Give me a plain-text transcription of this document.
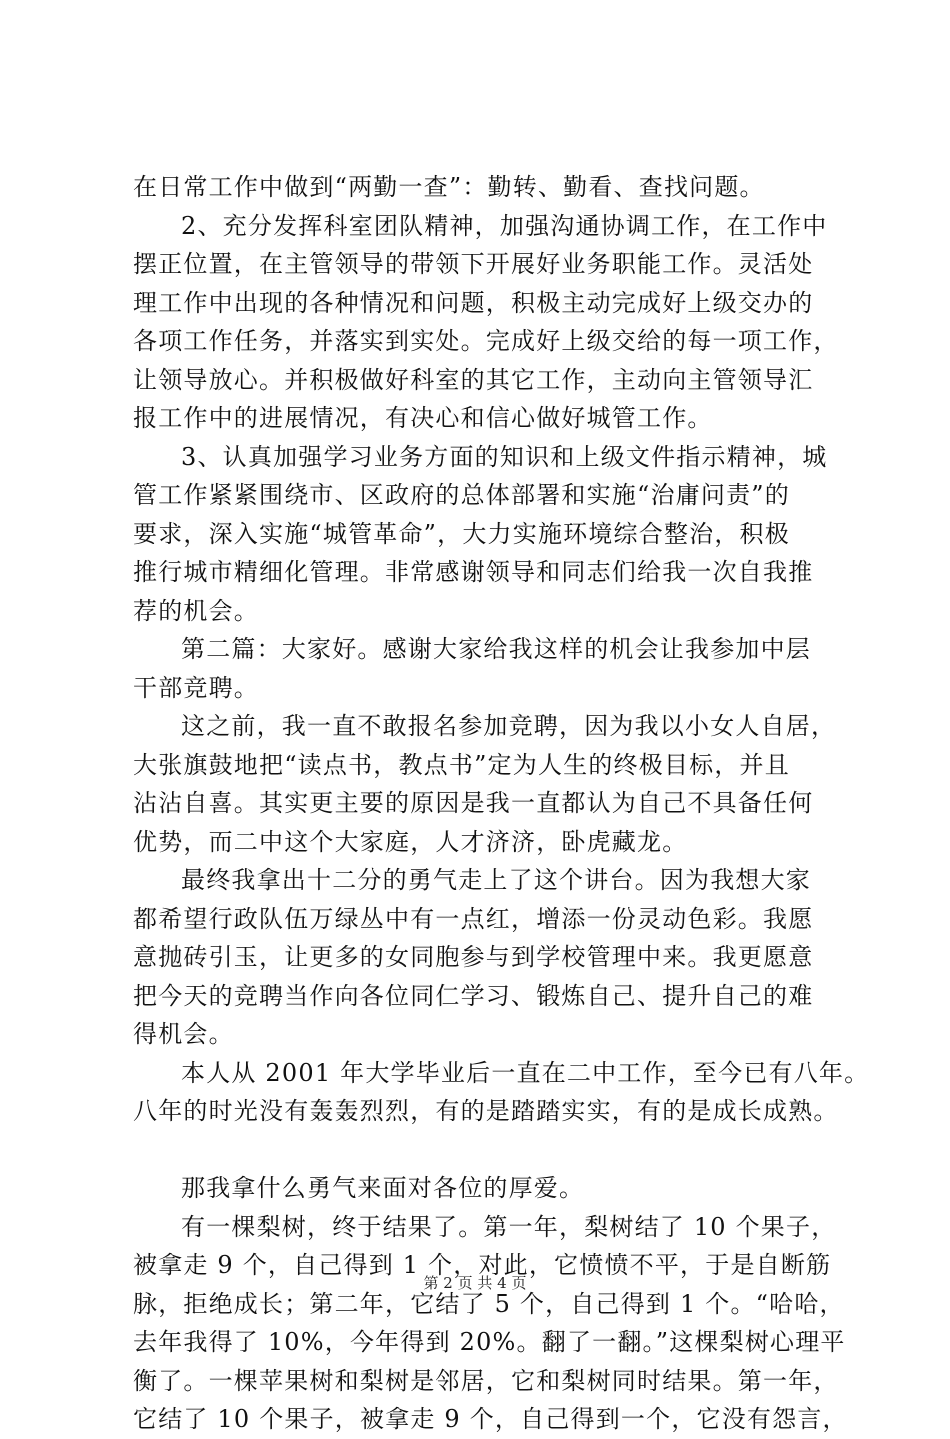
在日常工作中做到“两勤一查”：勤转、勤看、查找问题。
2、充分发挥科室团队精神，加强沟通协调工作，在工作中
摆正位置，在主管领导的带领下开展好业务职能工作。灵活处
理工作中出现的各种情况和问题，积极主动完成好上级交办的
各项工作任务，并落实到实处。完成好上级交给的每一项工作，
让领导放心。并积极做好科室的其它工作，主动向主管领导汇
报工作中的进展情况，有决心和信心做好城管工作。
3、认真加强学习业务方面的知识和上级文件指示精神，城
管工作紧紧围绕市、区政府的总体部署和实施“治庸问责”的
要求，深入实施“城管革命”，大力实施环境综合整治，积极
推行城市精细化管理。非常感谢领导和同志们给我一次自我推
荐的机会。
第二篇：大家好。感谢大家给我这样的机会让我参加中层
干部竞聘。
这之前，我一直不敢报名参加竞聘，因为我以小女人自居，
大张旗鼓地把“读点书，教点书”定为人生的终极目标，并且
沾沾自喜。其实更主要的原因是我一直都认为自己不具备任何
优势，而二中这个大家庭，人才济济，卧虎藏龙。
最终我拿出十二分的勇气走上了这个讲台。因为我想大家
都希望行政队伍万绿丛中有一点红，增添一份灵动色彩。我愿
意抛砖引玉，让更多的女同胞参与到学校管理中来。我更愿意
把今天的竞聘当作向各位同仁学习、锻炼自己、提升自己的难
得机会。
本人从 2001 年大学毕业后一直在二中工作，至今已有八年。
八年的时光没有轰轰烈烈，有的是踏踏实实，有的是成长成熟。
那我拿什么勇气来面对各位的厚爱。
有一棵梨树，终于结果了。第一年，梨树结了 10 个果子，
被拿走 9 个，自己得到 1 个，对此，它愤愤不平，于是自断筋
脉，拒绝成长；第二年，它结了 5 个，自己得到 1 个。“哈哈，
去年我得了 10%，今年得到 20%。翻了一翻。”这棵梨树心理平
衡了。一棵苹果树和梨树是邻居，它和梨树同时结果。第一年，
它结了 10 个果子，被拿走 9 个，自己得到一个，它没有怨言，
第 2 页 共 4 页
